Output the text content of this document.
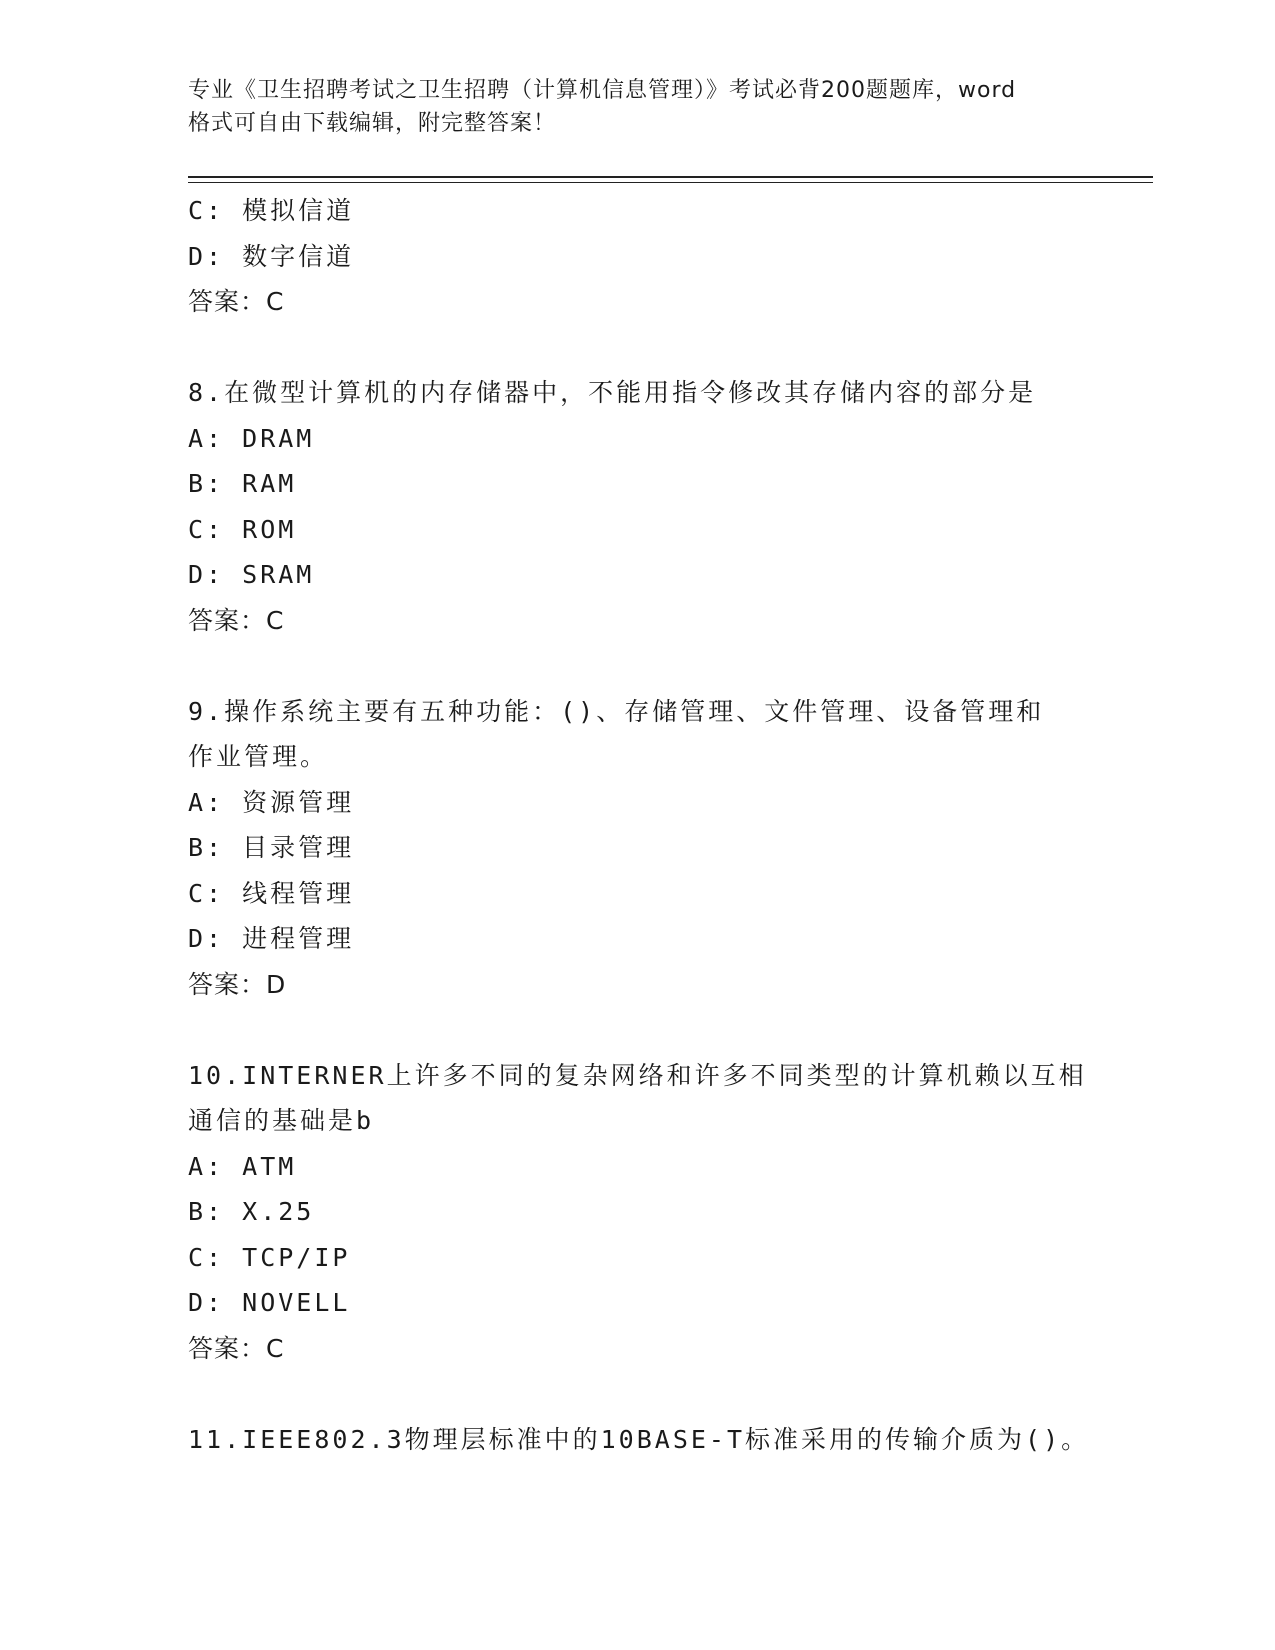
专业《卫生招聘考试之卫生招聘（计算机信息管理）》考试必背200题题库，word
格式可自由下载编辑，附完整答案！
C: 模拟信道
D: 数字信道
答案：C
8.在微型计算机的内存储器中，不能用指令修改其存储内容的部分是
A: DRAM
B: RAM
C: ROM
D: SRAM
答案：C
9.操作系统主要有五种功能：()、存储管理、文件管理、设备管理和
作业管理。
A: 资源管理
B: 目录管理
C: 线程管理
D: 进程管理
答案：D
10.INTERNER上许多不同的复杂网络和许多不同类型的计算机赖以互相
通信的基础是b
A: ATM
B: X.25
C: TCP/IP
D: NOVELL
答案：C
11.IEEE802.3物理层标准中的10BASE-T标准采用的传输介质为()。
